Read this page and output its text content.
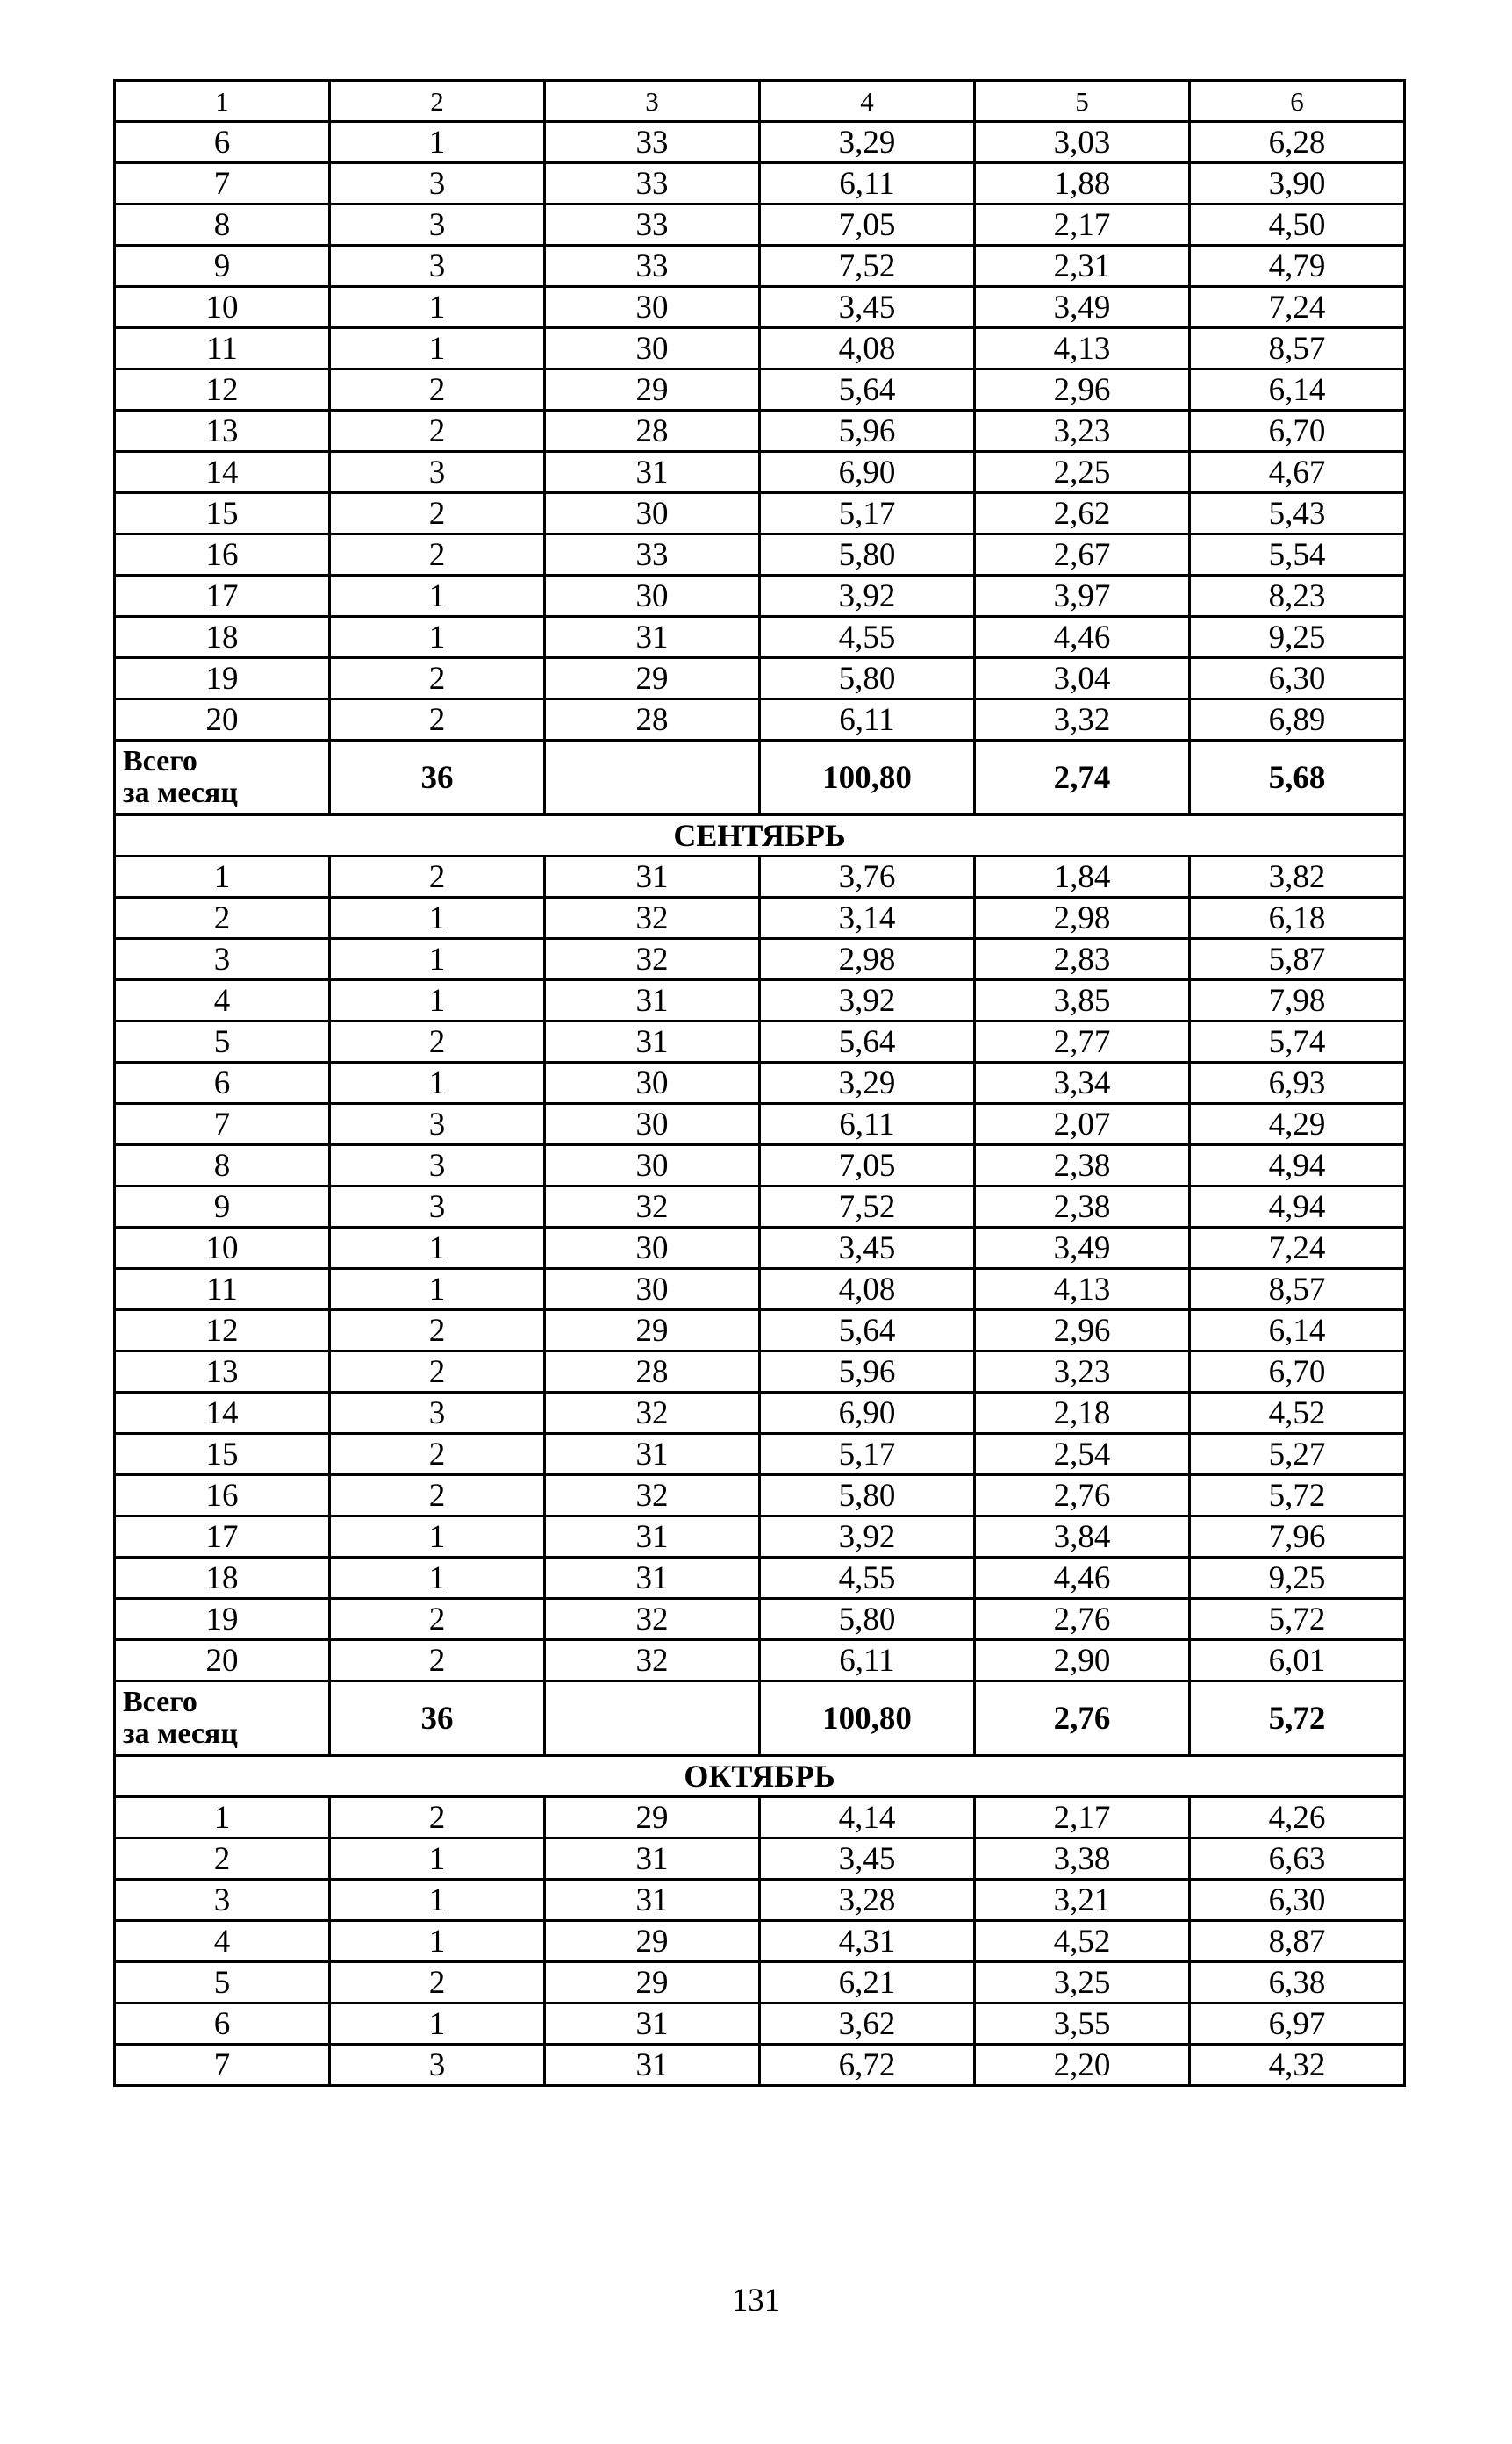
1	2	3	4	5	6
6	1	33	3,29	3,03	6,28
7	3	33	6,11	1,88	3,90
8	3	33	7,05	2,17	4,50
9	3	33	7,52	2,31	4,79
10	1	30	3,45	3,49	7,24
11	1	30	4,08	4,13	8,57
12	2	29	5,64	2,96	6,14
13	2	28	5,96	3,23	6,70
14	3	31	6,90	2,25	4,67
15	2	30	5,17	2,62	5,43
16	2	33	5,80	2,67	5,54
17	1	30	3,92	3,97	8,23
18	1	31	4,55	4,46	9,25
19	2	29	5,80	3,04	6,30
20	2	28	6,11	3,32	6,89

Всего
за месяц	36		100,80	2,74	5,68
СЕНТЯБРЬ					
1	2	31	3,76	1,84	3,82
2	1	32	3,14	2,98	6,18
3	1	32	2,98	2,83	5,87
4	1	31	3,92	3,85	7,98
5	2	31	5,64	2,77	5,74
6	1	30	3,29	3,34	6,93
7	3	30	6,11	2,07	4,29
8	3	30	7,05	2,38	4,94
9	3	32	7,52	2,38	4,94
10	1	30	3,45	3,49	7,24
11	1	30	4,08	4,13	8,57
12	2	29	5,64	2,96	6,14
13	2	28	5,96	3,23	6,70
14	3	32	6,90	2,18	4,52
15	2	31	5,17	2,54	5,27
16	2	32	5,80	2,76	5,72
17	1	31	3,92	3,84	7,96
18	1	31	4,55	4,46	9,25
19	2	32	5,80	2,76	5,72
20	2	32	6,11	2,90	6,01

Всего
за месяц	36		100,80	2,76	5,72
ОКТЯБРЬ					
1	2	29	4,14	2,17	4,26
2	1	31	3,45	3,38	6,63
3	1	31	3,28	3,21	6,30
4	1	29	4,31	4,52	8,87
5	2	29	6,21	3,25	6,38
6	1	31	3,62	3,55	6,97
7	3	31	6,72	2,20	4,32
131
